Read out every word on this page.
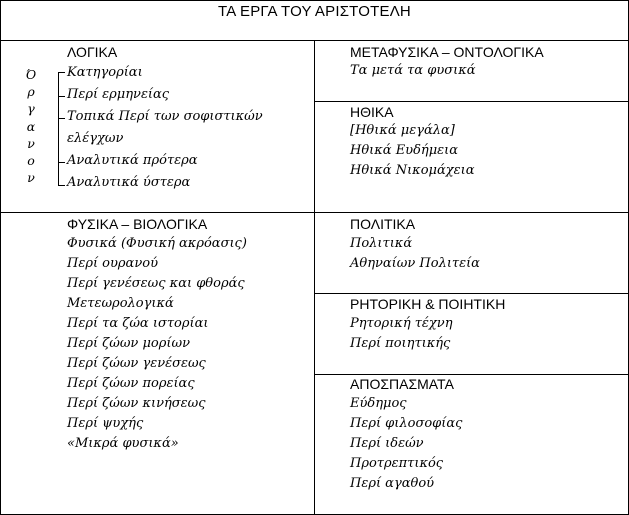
ΤΑ ΕΡΓΑ ΤΟΥ ΑΡΙΣΤΟΤΕΛΗ
ΛΟΓΙΚΑ
Ό
ρ
γ
α
ν
ο
ν
Κατηγορίαι
Περί ερμηνείας
Τοπικά Περί των σοφιστικών
ελέγχων
Αναλυτικά πρότερα
Αναλυτικά ύστερα
ΜΕΤΑΦΥΣΙΚΑ – ΟΝΤΟΛΟΓΙΚΑ
Τα μετά τα φυσικά
ΗΘΙΚΑ
[Ηθικά μεγάλα]
Ηθικά Ευδήμεια
Ηθικά Νικομάχεια
ΦΥΣΙΚΑ – ΒΙΟΛΟΓΙΚΑ
Φυσικά (Φυσική ακρόασις)
Περί ουρανού
Περί γενέσεως και φθοράς
Μετεωρολογικά
Περί τα ζώα ιστορίαι
Περί ζώων μορίων
Περί ζώων γενέσεως
Περί ζώων πορείας
Περί ζώων κινήσεως
Περί ψυχής
«Μικρά φυσικά»
ΠΟΛΙΤΙΚΑ
Πολιτικά
Αθηναίων Πολιτεία
ΡΗΤΟΡΙΚΗ & ΠΟΙΗΤΙΚΗ
Ρητορική τέχνη
Περί ποιητικής
ΑΠΟΣΠΑΣΜΑΤΑ
Εύδημος
Περί φιλοσοφίας
Περί ιδεών
Προτρεπτικός
Περί αγαθού
